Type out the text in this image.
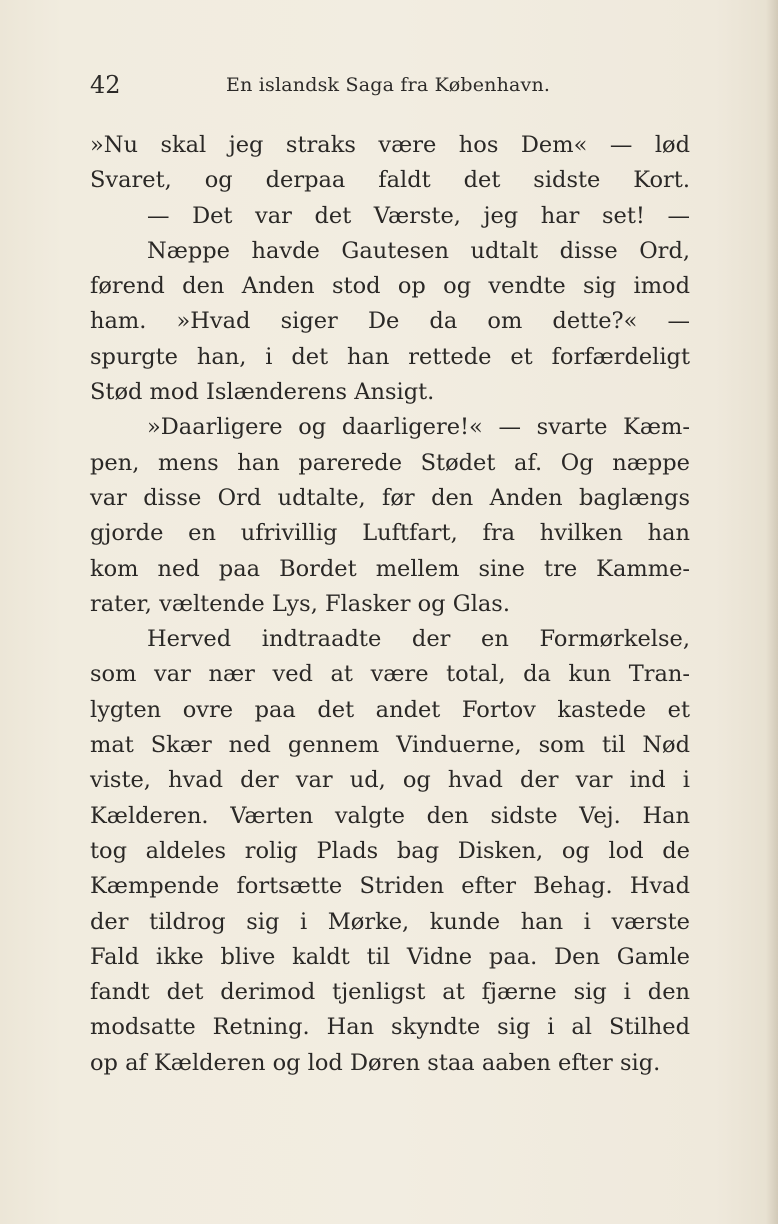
42	En islandsk Saga fra København.
»Nu skal jeg straks være hos Dem« — lød
Svaret, og derpaa faldt det sidste Kort.
— Det var det Værste, jeg har set! —
Næppe havde Gautesen udtalt disse Ord,
førend den Anden stod op og vendte sig imod
ham. »Hvad siger De da om dette?« —
spurgte han, i det han rettede et forfærdeligt
Stød mod Islænderens Ansigt.
»Daarligere og daarligere!« — svarte Kæm-
pen, mens han parerede Stødet af. Og næppe
var disse Ord udtalte, før den Anden baglængs
gjorde en ufrivillig Luftfart, fra hvilken han
kom ned paa Bordet mellem sine tre Kamme-
rater, væltende Lys, Flasker og Glas.
Herved indtraadte der en Formørkelse,
som var nær ved at være total, da kun Tran-
lygten ovre paa det andet Fortov kastede et
mat Skær ned gennem Vinduerne, som til Nød
viste, hvad der var ud, og hvad der var ind i
Kælderen. Værten valgte den sidste Vej. Han
tog aldeles rolig Plads bag Disken, og lod de
Kæmpende fortsætte Striden efter Behag. Hvad
der tildrog sig i Mørke, kunde han i værste
Fald ikke blive kaldt til Vidne paa. Den Gamle
fandt det derimod tjenligst at fjærne sig i den
modsatte Retning. Han skyndte sig i al Stilhed
op af Kælderen og lod Døren staa aaben efter sig.
